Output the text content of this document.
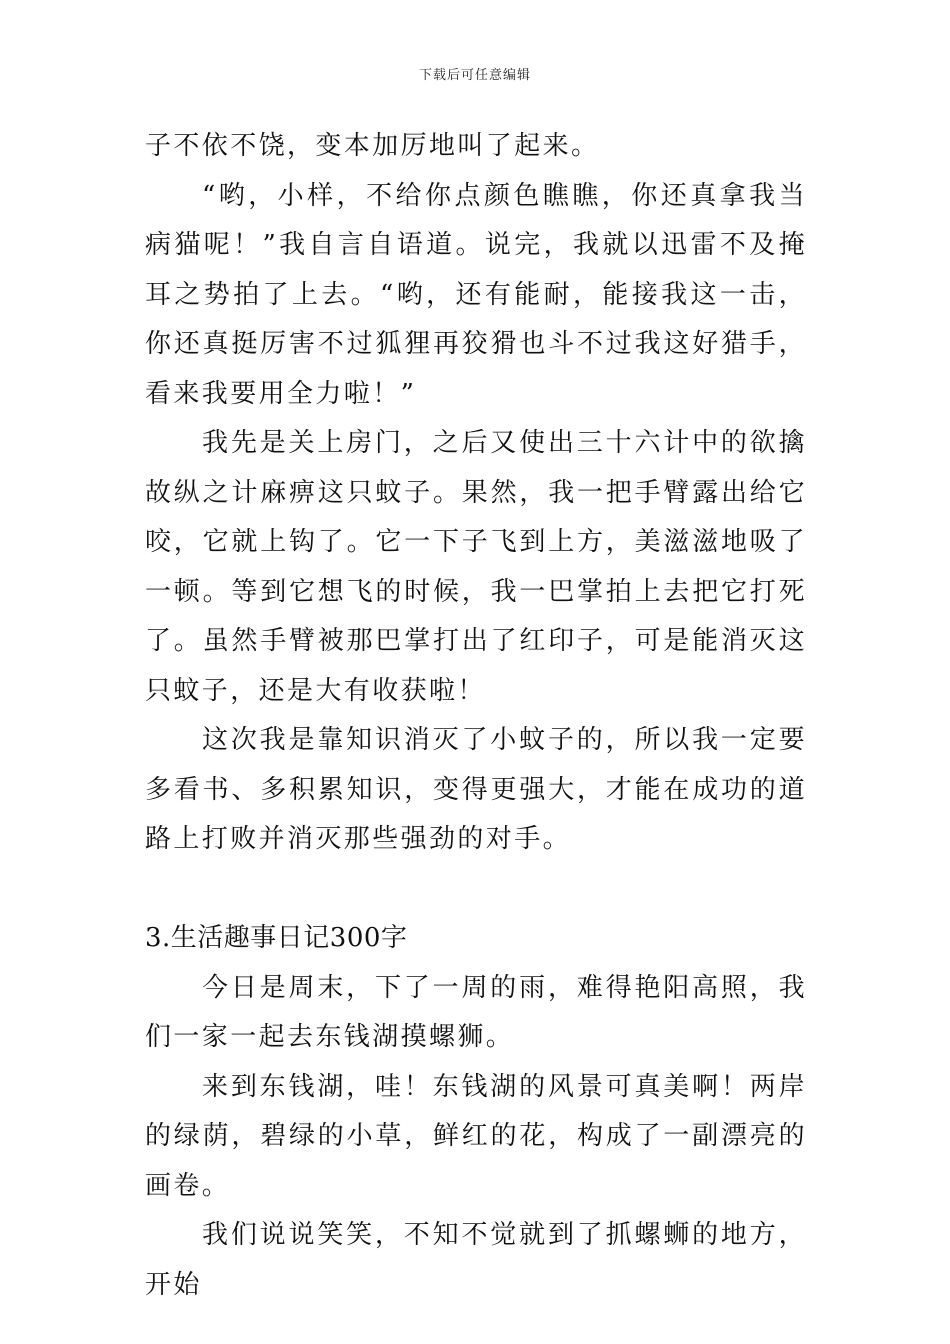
下载后可任意编辑

子不依不饶，变本加厉地叫了起来。

“哟，小样，不给你点颜色瞧瞧，你还真拿我当病猫呢！”我自言自语道。说完，我就以迅雷不及掩耳之势拍了上去。“哟，还有能耐，能接我这一击，你还真挺厉害不过狐狸再狡猾也斗不过我这好猎手，看来我要用全力啦！”

我先是关上房门，之后又使出三十六计中的欲擒故纵之计麻痹这只蚊子。果然，我一把手臂露出给它咬，它就上钩了。它一下子飞到上方，美滋滋地吸了一顿。等到它想飞的时候，我一巴掌拍上去把它打死了。虽然手臂被那巴掌打出了红印子，可是能消灭这只蚊子，还是大有收获啦！

这次我是靠知识消灭了小蚊子的，所以我一定要多看书、多积累知识，变得更强大，才能在成功的道路上打败并消灭那些强劲的对手。

3.生活趣事日记300字

今日是周末，下了一周的雨，难得艳阳高照，我们一家一起去东钱湖摸螺狮。

来到东钱湖，哇！东钱湖的风景可真美啊！两岸的绿荫，碧绿的小草，鲜红的花，构成了一副漂亮的画卷。

我们说说笑笑，不知不觉就到了抓螺蛳的地方，开始
